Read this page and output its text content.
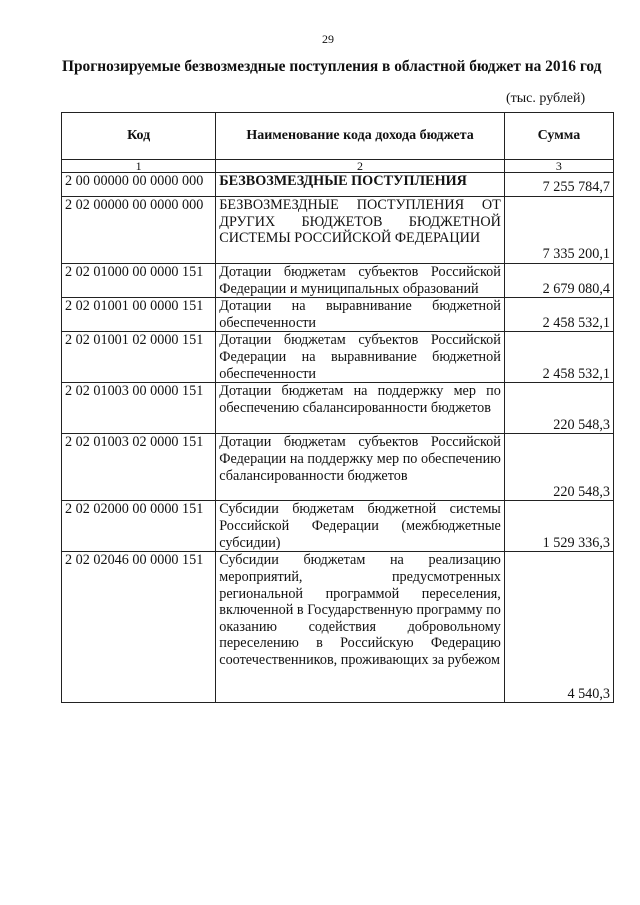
29
Прогнозируемые безвозмездные поступления в областной бюджет на 2016 год
(тыс. рублей)
Код	Наименование кода дохода бюджета	Сумма
1	2	3
2 00 00000 00 0000 000	БЕЗВОЗМЕЗДНЫЕ ПОСТУПЛЕНИЯ	7 255 784,7
2 02 00000 00 0000 000	БЕЗВОЗМЕЗДНЫЕ ПОСТУПЛЕНИЯ ОТ ДРУГИХ БЮДЖЕТОВ БЮДЖЕТНОЙ СИСТЕМЫ РОССИЙСКОЙ ФЕДЕРАЦИИ	7 335 200,1
2 02 01000 00 0000 151	Дотации бюджетам субъектов Российской Федерации и муниципальных образований	2 679 080,4
2 02 01001 00 0000 151	Дотации на выравнивание бюджетной обеспеченности	2 458 532,1
2 02 01001 02 0000 151	Дотации бюджетам субъектов Российской Федерации на выравнивание бюджетной обеспеченности	2 458 532,1
2 02 01003 00 0000 151	Дотации бюджетам на поддержку мер по обеспечению сбалансированности бюджетов	220 548,3
2 02 01003 02 0000 151	Дотации бюджетам субъектов Российской Федерации на поддержку мер по обеспечению сбалансированности бюджетов	220 548,3
2 02 02000 00 0000 151	Субсидии бюджетам бюджетной системы Российской Федерации (межбюджетные субсидии)	1 529 336,3
2 02 02046 00 0000 151	Субсидии бюджетам на реализацию мероприятий, предусмотренных региональной программой переселения, включенной в Государственную программу по оказанию содействия добровольному переселению в Российскую Федерацию соотечественников, проживающих за рубежом	4 540,3
